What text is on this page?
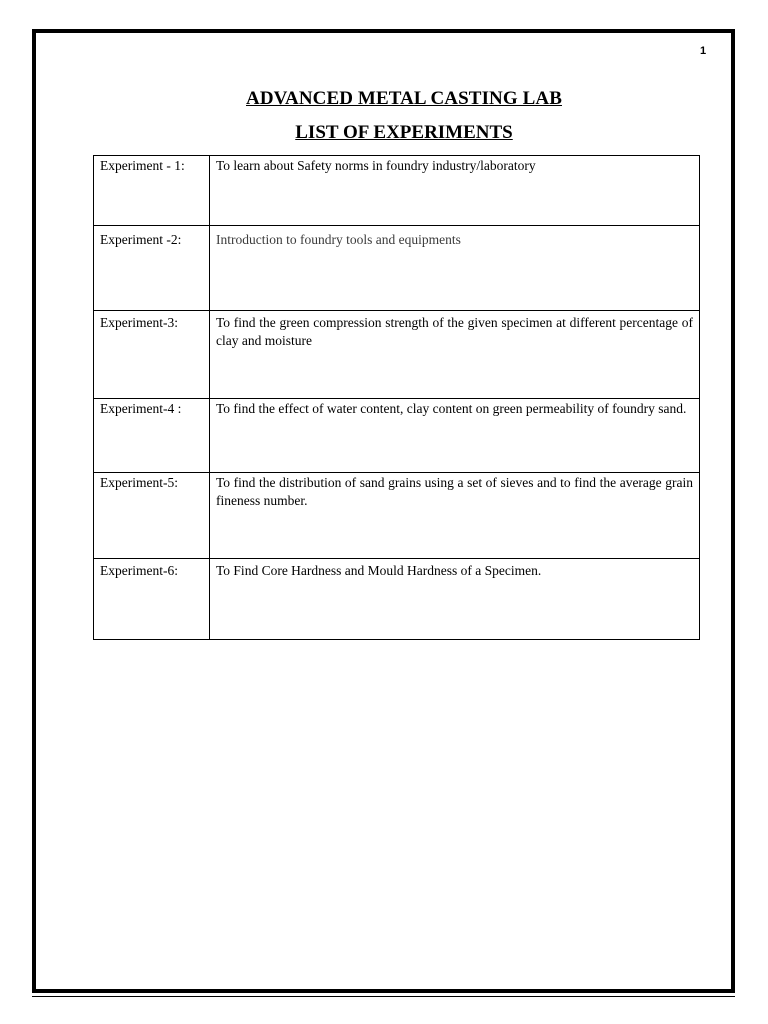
1
ADVANCED METAL CASTING LAB
LIST OF EXPERIMENTS
Experiment - 1:	To learn about Safety norms in foundry industry/laboratory
Experiment -2:	Introduction to foundry tools and equipments
Experiment-3:	To find the green compression strength of the given specimen at different percentage of clay and moisture
Experiment-4 :	To find the effect of water content, clay content on green permeability of foundry sand.
Experiment-5:	To find the distribution of sand grains using a set of sieves and to find the average grain fineness number.
Experiment-6:	To Find Core Hardness and Mould Hardness of a Specimen.
